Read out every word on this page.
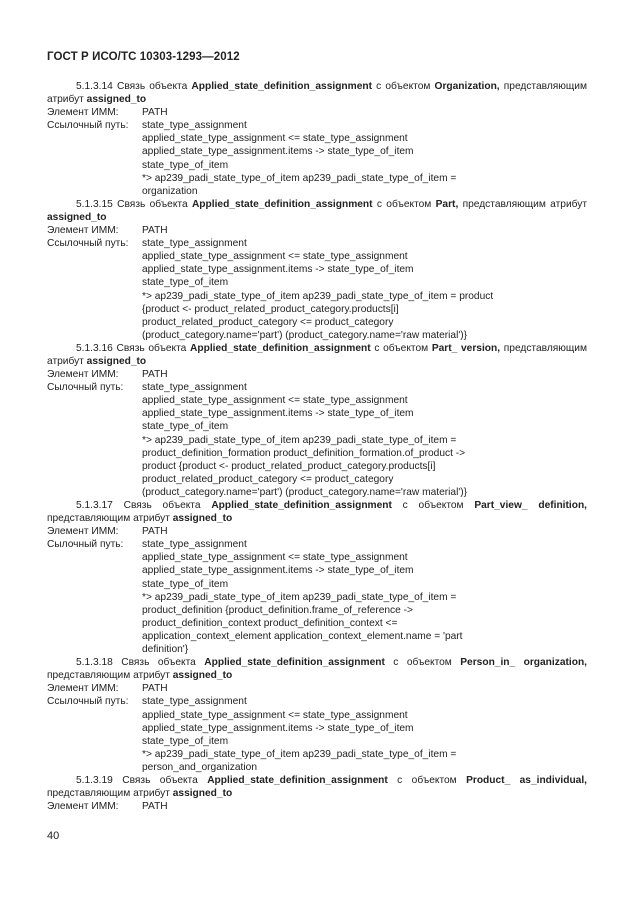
ГОСТ Р ИСО/ТС 10303-1293—2012

5.1.3.14 Связь объекта Applied_state_definition_assignment с объектом Organization, представляющим атрибут assigned_to

Элемент ИММ:	PATH
Ссылочный путь:	state_type_assignment
applied_state_type_assignment <= state_type_assignment
applied_state_type_assignment.items -> state_type_of_item
state_type_of_item
*> ap239_padi_state_type_of_item ap239_padi_state_type_of_item =
organization

5.1.3.15 Связь объекта Applied_state_definition_assignment с объектом Part, представляющим атрибут assigned_to

Элемент ИММ:	PATH
Ссылочный путь:	state_type_assignment
applied_state_type_assignment <= state_type_assignment
applied_state_type_assignment.items -> state_type_of_item
state_type_of_item
*> ap239_padi_state_type_of_item ap239_padi_state_type_of_item = product
{product <- product_related_product_category.products[i]
product_related_product_category <= product_category
(product_category.name='part') (product_category.name='raw material')}

5.1.3.16 Связь объекта Applied_state_definition_assignment с объектом Part_ version, представляющим атрибут assigned_to

Элемент ИММ:	PATH
Сылочный путь:	state_type_assignment
applied_state_type_assignment <= state_type_assignment
applied_state_type_assignment.items -> state_type_of_item
state_type_of_item
*> ap239_padi_state_type_of_item ap239_padi_state_type_of_item =
product_definition_formation product_definition_formation.of_product ->
product {product <- product_related_product_category.products[i]
product_related_product_category <= product_category
(product_category.name='part') (product_category.name='raw material')}

5.1.3.17 Связь объекта Applied_state_definition_assignment с объектом Part_view_ definition, представляющим атрибут assigned_to

Элемент ИММ:	PATH
Сылочный путь:	state_type_assignment
applied_state_type_assignment <= state_type_assignment
applied_state_type_assignment.items -> state_type_of_item
state_type_of_item
*> ap239_padi_state_type_of_item ap239_padi_state_type_of_item =
product_definition {product_definition.frame_of_reference ->
product_definition_context product_definition_context <=
application_context_element application_context_element.name = 'part
definition'}

5.1.3.18 Связь объекта Applied_state_definition_assignment с объектом Person_in_ organization, представляющим атрибут assigned_to

Элемент ИММ:	PATH
Ссылочный путь:	state_type_assignment
applied_state_type_assignment <= state_type_assignment
applied_state_type_assignment.items -> state_type_of_item
state_type_of_item
*> ap239_padi_state_type_of_item ap239_padi_state_type_of_item =
person_and_organization

5.1.3.19 Связь объекта Applied_state_definition_assignment с объектом Product_ as_individual, представляющим атрибут assigned_to

Элемент ИММ:	PATH
40
